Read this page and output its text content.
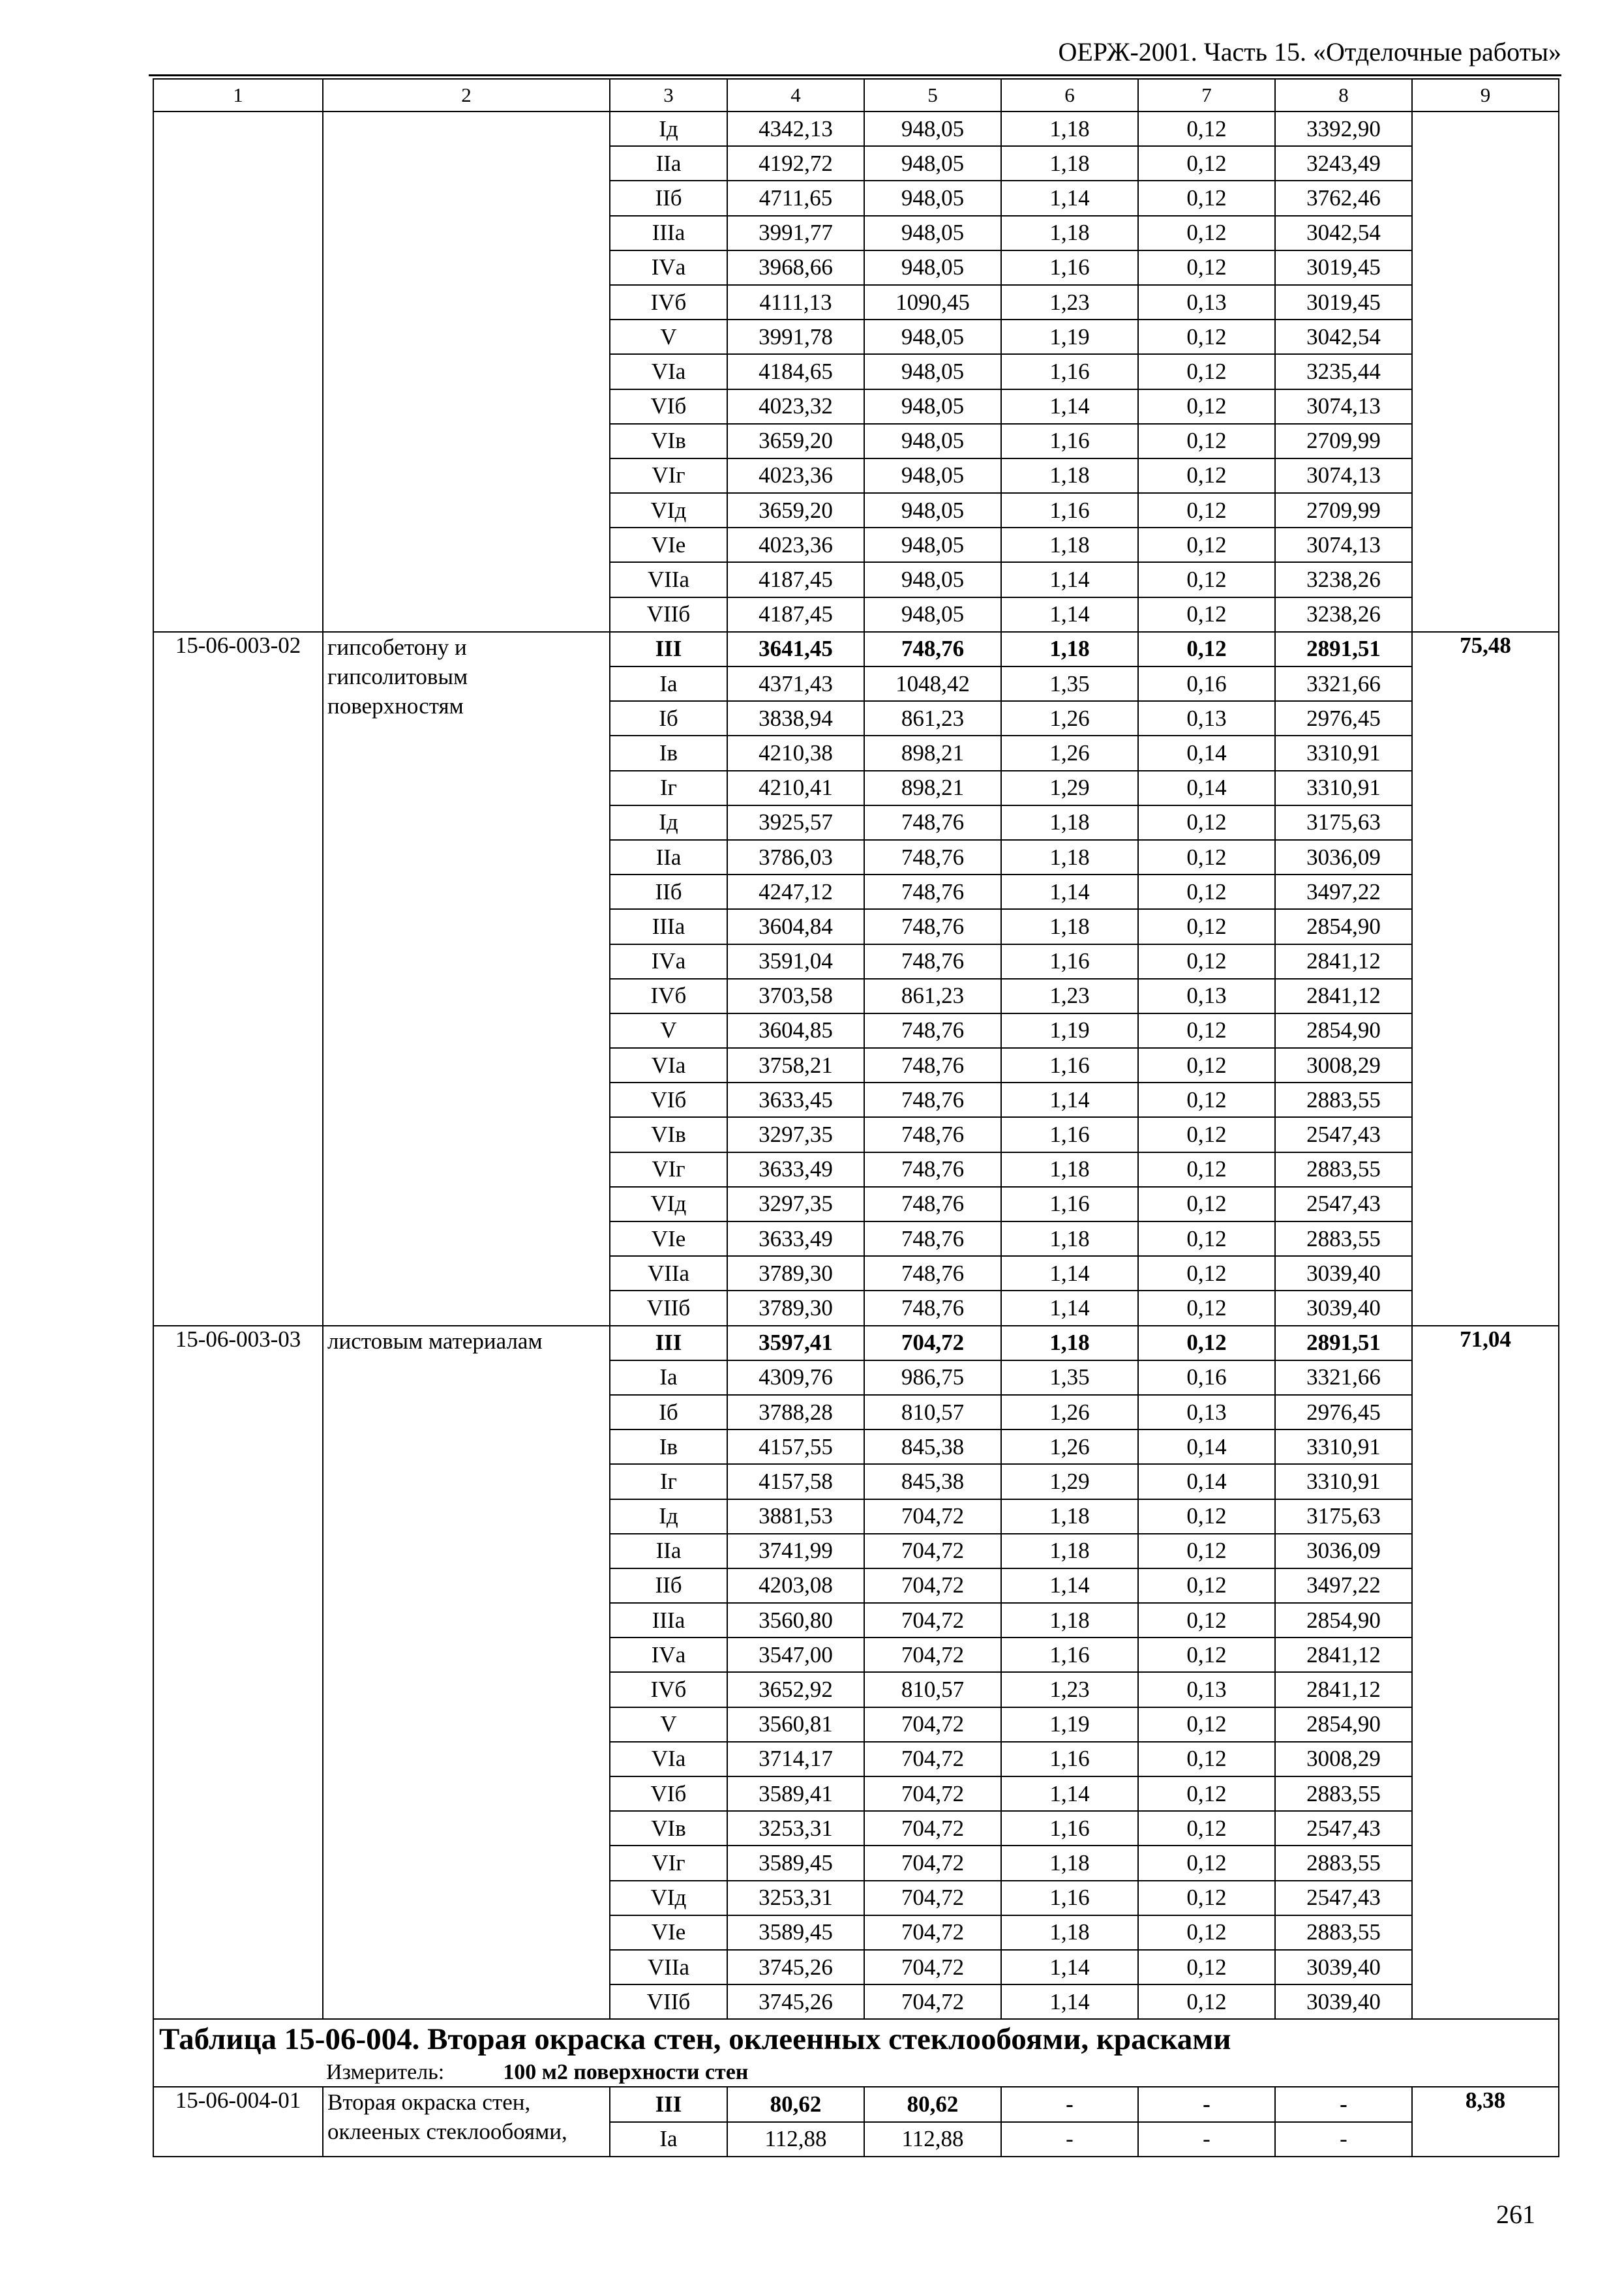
ОЕРЖ-2001. Часть 15. «Отделочные работы»
1	2	3	4	5	6	7	8	9
		Iд	4342,13	948,05	1,18	0,12	3392,90	
		IIа	4192,72	948,05	1,18	0,12	3243,49	
		IIб	4711,65	948,05	1,14	0,12	3762,46	
		IIIа	3991,77	948,05	1,18	0,12	3042,54	
		IVа	3968,66	948,05	1,16	0,12	3019,45	
		IVб	4111,13	1090,45	1,23	0,13	3019,45	
		V	3991,78	948,05	1,19	0,12	3042,54	
		VIа	4184,65	948,05	1,16	0,12	3235,44	
		VIб	4023,32	948,05	1,14	0,12	3074,13	
		VIв	3659,20	948,05	1,16	0,12	2709,99	
		VIг	4023,36	948,05	1,18	0,12	3074,13	
		VIд	3659,20	948,05	1,16	0,12	2709,99	
		VIе	4023,36	948,05	1,18	0,12	3074,13	
		VIIа	4187,45	948,05	1,14	0,12	3238,26	
		VIIб	4187,45	948,05	1,14	0,12	3238,26	
15-06-003-02	гипсобетону и гипсолитовым поверхностям	III	3641,45	748,76	1,18	0,12	2891,51	75,48
		Iа	4371,43	1048,42	1,35	0,16	3321,66	
		Iб	3838,94	861,23	1,26	0,13	2976,45	
		Iв	4210,38	898,21	1,26	0,14	3310,91	
		Iг	4210,41	898,21	1,29	0,14	3310,91	
		Iд	3925,57	748,76	1,18	0,12	3175,63	
		IIа	3786,03	748,76	1,18	0,12	3036,09	
		IIб	4247,12	748,76	1,14	0,12	3497,22	
		IIIа	3604,84	748,76	1,18	0,12	2854,90	
		IVа	3591,04	748,76	1,16	0,12	2841,12	
		IVб	3703,58	861,23	1,23	0,13	2841,12	
		V	3604,85	748,76	1,19	0,12	2854,90	
		VIа	3758,21	748,76	1,16	0,12	3008,29	
		VIб	3633,45	748,76	1,14	0,12	2883,55	
		VIв	3297,35	748,76	1,16	0,12	2547,43	
		VIг	3633,49	748,76	1,18	0,12	2883,55	
		VIд	3297,35	748,76	1,16	0,12	2547,43	
		VIе	3633,49	748,76	1,18	0,12	2883,55	
		VIIа	3789,30	748,76	1,14	0,12	3039,40	
		VIIб	3789,30	748,76	1,14	0,12	3039,40	
15-06-003-03	листовым материалам	III	3597,41	704,72	1,18	0,12	2891,51	71,04
		Iа	4309,76	986,75	1,35	0,16	3321,66	
		Iб	3788,28	810,57	1,26	0,13	2976,45	
		Iв	4157,55	845,38	1,26	0,14	3310,91	
		Iг	4157,58	845,38	1,29	0,14	3310,91	
		Iд	3881,53	704,72	1,18	0,12	3175,63	
		IIа	3741,99	704,72	1,18	0,12	3036,09	
		IIб	4203,08	704,72	1,14	0,12	3497,22	
		IIIа	3560,80	704,72	1,18	0,12	2854,90	
		IVа	3547,00	704,72	1,16	0,12	2841,12	
		IVб	3652,92	810,57	1,23	0,13	2841,12	
		V	3560,81	704,72	1,19	0,12	2854,90	
		VIа	3714,17	704,72	1,16	0,12	3008,29	
		VIб	3589,41	704,72	1,14	0,12	2883,55	
		VIв	3253,31	704,72	1,16	0,12	2547,43	
		VIг	3589,45	704,72	1,18	0,12	2883,55	
		VIд	3253,31	704,72	1,16	0,12	2547,43	
		VIе	3589,45	704,72	1,18	0,12	2883,55	
		VIIа	3745,26	704,72	1,14	0,12	3039,40	
		VIIб	3745,26	704,72	1,14	0,12	3039,40	
Таблица 15-06-004. Вторая окраска стен, оклеенных стеклообоями, красками								
Измеритель: 100 м2 поверхности стен								
15-06-004-01	Вторая окраска стен, оклееных стеклообоями,	III	80,62	80,62	-	-	-	8,38
		Iа	112,88	112,88	-	-	-	
261
